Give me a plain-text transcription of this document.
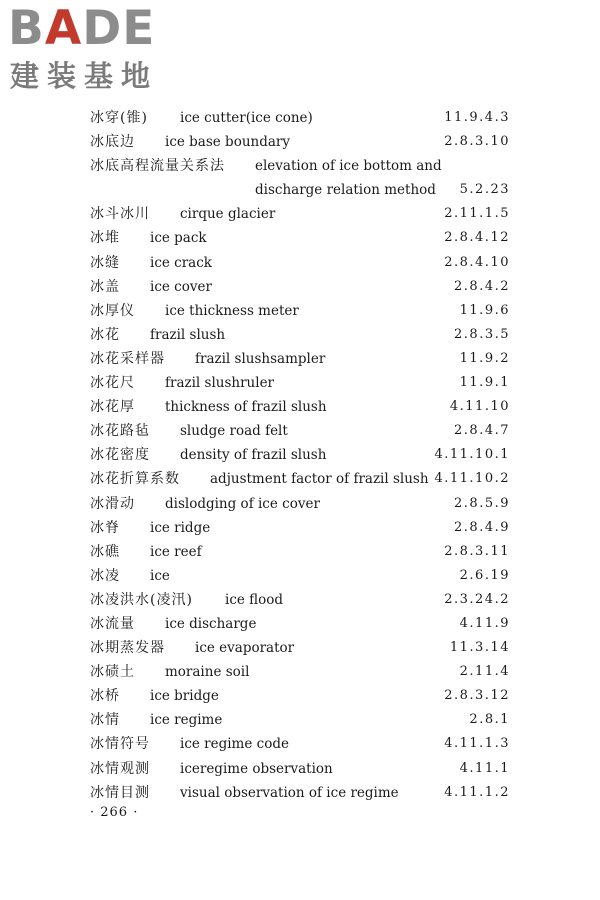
BADE
建装基地
冰穿(锥) ice cutter(ice cone)	11.9.4.3
冰底边 ice base boundary	2.8.3.10
冰底高程流量关系法 elevation of ice bottom and
discharge relation method 5.2.23
冰斗冰川 cirque glacier	2.11.1.5
冰堆 ice pack	2.8.4.12
冰缝 ice crack	2.8.4.10
冰盖 ice cover	2.8.4.2
冰厚仪 ice thickness meter	11.9.6
冰花 frazil slush	2.8.3.5
冰花采样器 frazil slushsampler	11.9.2
冰花尺 frazil slushruler	11.9.1
冰花厚 thickness of frazil slush	4.11.10
冰花路毡 sludge road felt	2.8.4.7
冰花密度 density of frazil slush	4.11.10.1
冰花折算系数 adjustment factor of frazil slush 4.11.10.2
冰滑动 dislodging of ice cover	2.8.5.9
冰脊 ice ridge	2.8.4.9
冰礁 ice reef	2.8.3.11
冰凌 ice	2.6.19
冰凌洪水(凌汛) ice flood	2.3.24.2
冰流量 ice discharge	4.11.9
冰期蒸发器 ice evaporator	11.3.14
冰碛土 moraine soil	2.11.4
冰桥 ice bridge	2.8.3.12
冰情 ice regime	2.8.1
冰情符号 ice regime code	4.11.1.3
冰情观测 iceregime observation	4.11.1
冰情目测 visual observation of ice regime	4.11.1.2
· 266 ·
